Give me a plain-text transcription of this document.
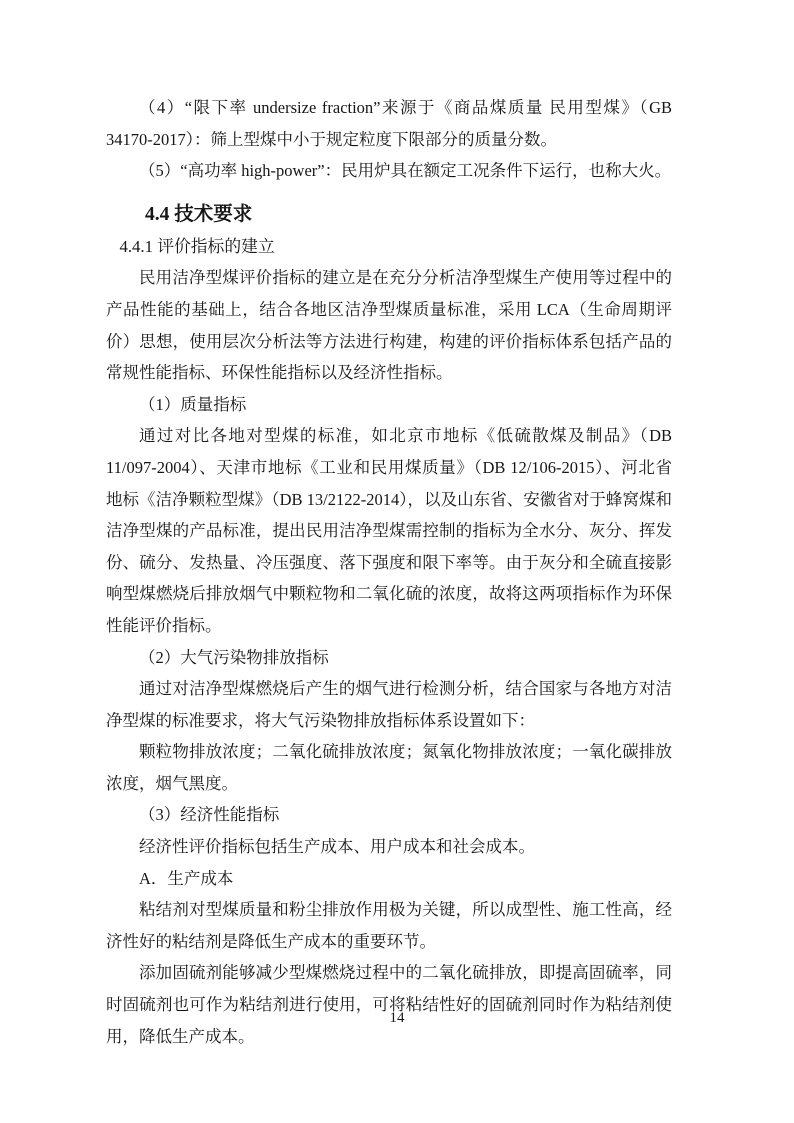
（4）“限下率 undersize fraction”来源于《商品煤质量 民用型煤》（GB 34170-2017）：筛上型煤中小于规定粒度下限部分的质量分数。

（5）“高功率 high-power”：民用炉具在额定工况条件下运行，也称大火。

4.4 技术要求
4.4.1 评价指标的建立

民用洁净型煤评价指标的建立是在充分分析洁净型煤生产使用等过程中的产品性能的基础上，结合各地区洁净型煤质量标准，采用 LCA（生命周期评价）思想，使用层次分析法等方法进行构建，构建的评价指标体系包括产品的常规性能指标、环保性能指标以及经济性指标。

（1）质量指标

通过对比各地对型煤的标准，如北京市地标《低硫散煤及制品》（DB 11/097-2004）、天津市地标《工业和民用煤质量》（DB 12/106-2015）、河北省地标《洁净颗粒型煤》（DB 13/2122-2014），以及山东省、安徽省对于蜂窝煤和洁净型煤的产品标准，提出民用洁净型煤需控制的指标为全水分、灰分、挥发份、硫分、发热量、冷压强度、落下强度和限下率等。由于灰分和全硫直接影响型煤燃烧后排放烟气中颗粒物和二氧化硫的浓度，故将这两项指标作为环保性能评价指标。

（2）大气污染物排放指标

通过对洁净型煤燃烧后产生的烟气进行检测分析，结合国家与各地方对洁净型煤的标准要求，将大气污染物排放指标体系设置如下：

颗粒物排放浓度；二氧化硫排放浓度；氮氧化物排放浓度；一氧化碳排放浓度，烟气黑度。

（3）经济性能指标

经济性评价指标包括生产成本、用户成本和社会成本。

A．生产成本

粘结剂对型煤质量和粉尘排放作用极为关键，所以成型性、施工性高，经济性好的粘结剂是降低生产成本的重要环节。

添加固硫剂能够减少型煤燃烧过程中的二氧化硫排放，即提高固硫率，同时固硫剂也可作为粘结剂进行使用，可将粘结性好的固硫剂同时作为粘结剂使用，降低生产成本。

14
